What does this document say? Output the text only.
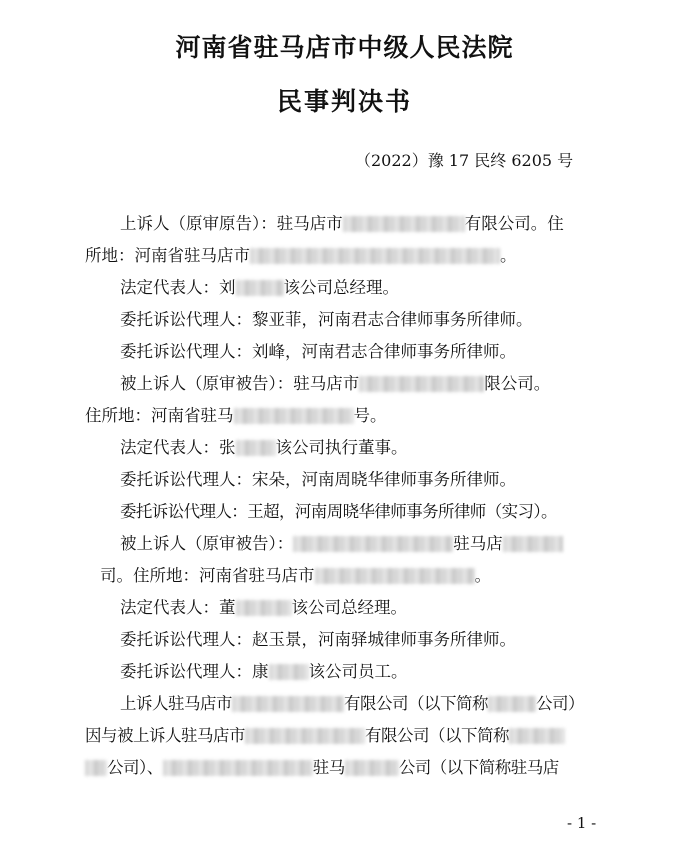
河南省驻马店市中级人民法院
民事判决书
（2022）豫 17 民终 6205 号
上诉人（原审原告）：驻马店市	有限公司。住
所地：河南省驻马店市	。
法定代表人：刘	该公司总经理。
委托诉讼代理人：黎亚菲，河南君志合律师事务所律师。
委托诉讼代理人：刘峰，河南君志合律师事务所律师。
被上诉人（原审被告）：驻马店市	限公司。
住所地：河南省驻马	号。
法定代表人：张 该公司执行董事。
委托诉讼代理人：宋朵，河南周晓华律师事务所律师。
委托诉讼代理人：王超，河南周晓华律师事务所律师（实习）。
被上诉人（原审被告）：	驻马店
司。住所地：河南省驻马店市	。
法定代表人：董	该公司总经理。
委托诉讼代理人：赵玉景，河南驿城律师事务所律师。
委托诉讼代理人：康 该公司员工。
上诉人驻马店市	有限公司（以下简称	公司）
因与被上诉人驻马店市	有限公司（以下简称
公司）、	驻马	公司（以下简称驻马店
- 1 -
